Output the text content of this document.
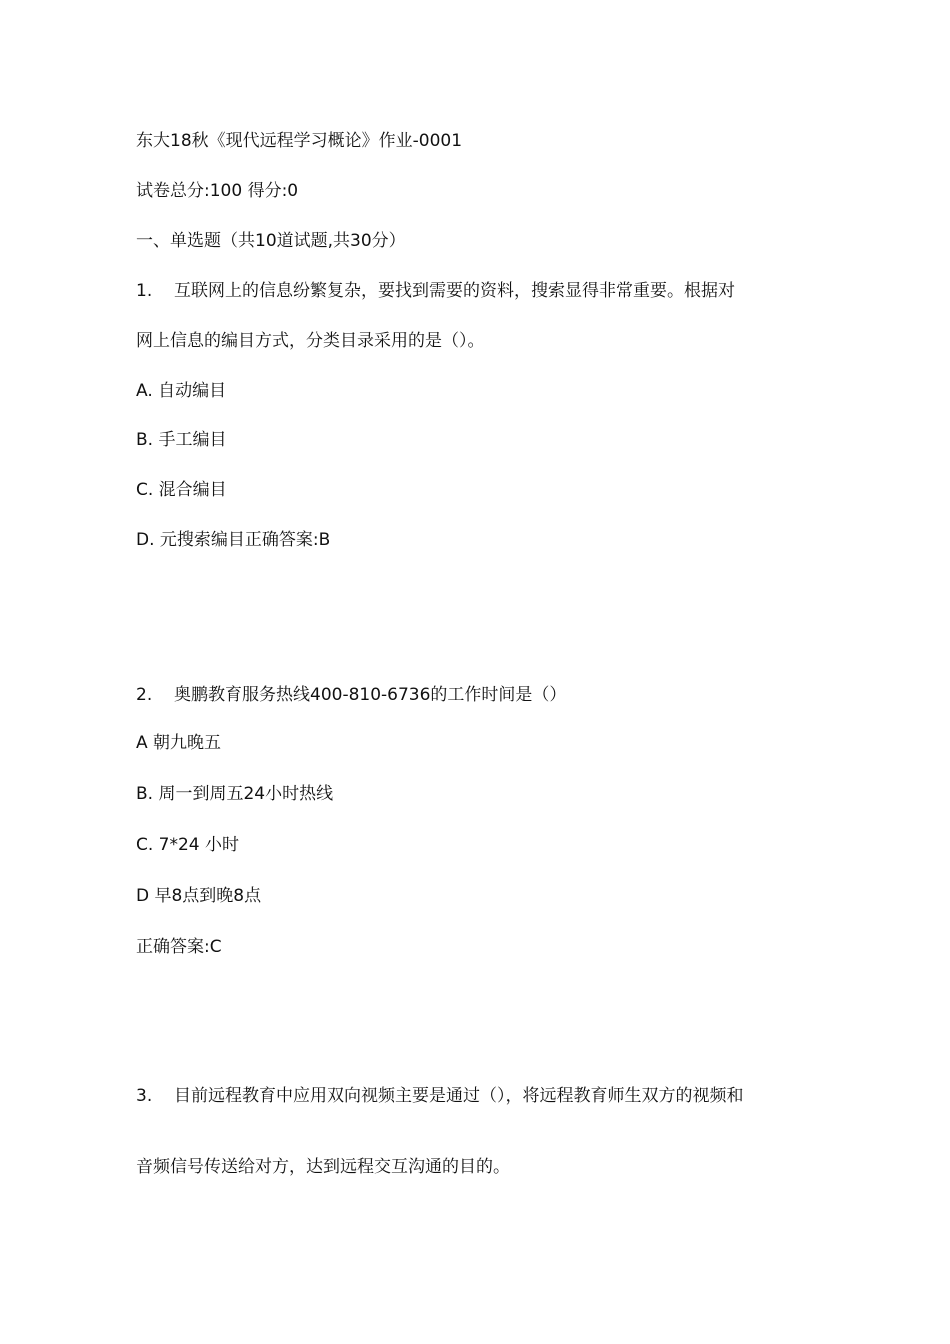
东大18秋《现代远程学习概论》作业-0001
试卷总分:100 得分:0
一、单选题（共10道试题,共30分）
1. 互联网上的信息纷繁复杂，要找到需要的资料，搜索显得非常重要。根据对
网上信息的编目方式，分类目录采用的是（）。
A. 自动编目
B. 手工编目
C. 混合编目
D. 元搜索编目正确答案:B
2. 奥鹏教育服务热线400-810-6736的工作时间是（）
A 朝九晚五
B. 周一到周五24小时热线
C. 7*24 小时
D 早8点到晚8点
正确答案:C
3. 目前远程教育中应用双向视频主要是通过（），将远程教育师生双方的视频和
音频信号传送给对方，达到远程交互沟通的目的。
